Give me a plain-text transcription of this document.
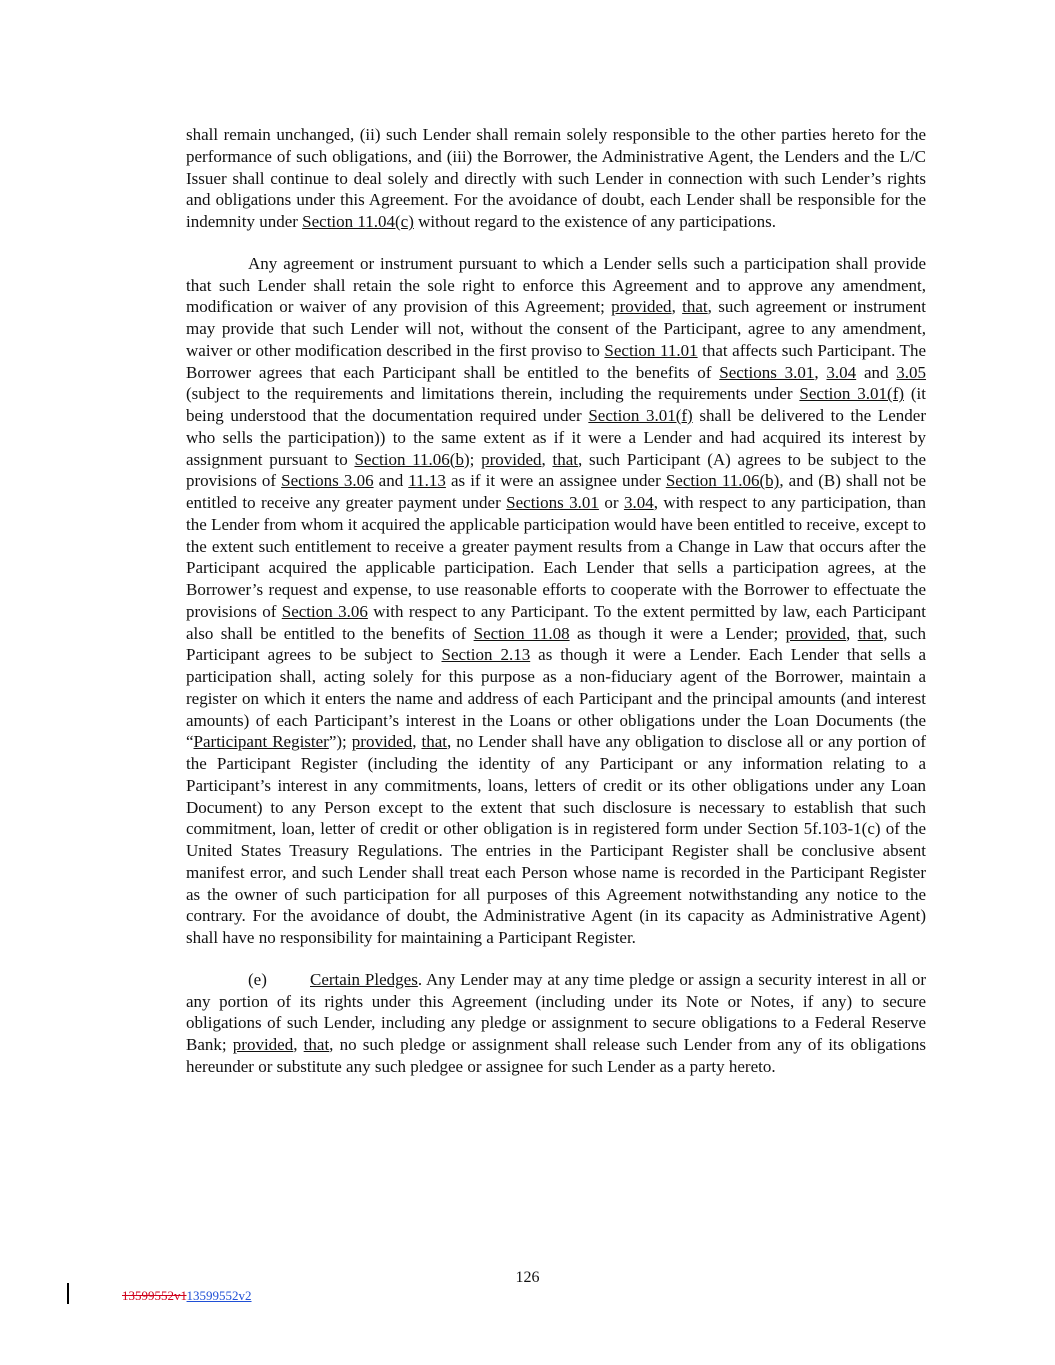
shall remain unchanged, (ii) such Lender shall remain solely responsible to the other parties hereto for the performance of such obligations, and (iii) the Borrower, the Administrative Agent, the Lenders and the L/C Issuer shall continue to deal solely and directly with such Lender in connection with such Lender’s rights and obligations under this Agreement. For the avoidance of doubt, each Lender shall be responsible for the indemnity under Section 11.04(c) without regard to the existence of any participations.

Any agreement or instrument pursuant to which a Lender sells such a participation shall provide that such Lender shall retain the sole right to enforce this Agreement and to approve any amendment, modification or waiver of any provision of this Agreement; provided, that, such agreement or instrument may provide that such Lender will not, without the consent of the Participant, agree to any amendment, waiver or other modification described in the first proviso to Section 11.01 that affects such Participant. The Borrower agrees that each Participant shall be entitled to the benefits of Sections 3.01, 3.04 and 3.05 (subject to the requirements and limitations therein, including the requirements under Section 3.01(f) (it being understood that the documentation required under Section 3.01(f) shall be delivered to the Lender who sells the participation)) to the same extent as if it were a Lender and had acquired its interest by assignment pursuant to Section 11.06(b); provided, that, such Participant (A) agrees to be subject to the provisions of Sections 3.06 and 11.13 as if it were an assignee under Section 11.06(b), and (B) shall not be entitled to receive any greater payment under Sections 3.01 or 3.04, with respect to any participation, than the Lender from whom it acquired the applicable participation would have been entitled to receive, except to the extent such entitlement to receive a greater payment results from a Change in Law that occurs after the Participant acquired the applicable participation. Each Lender that sells a participation agrees, at the Borrower’s request and expense, to use reasonable efforts to cooperate with the Borrower to effectuate the provisions of Section 3.06 with respect to any Participant. To the extent permitted by law, each Participant also shall be entitled to the benefits of Section 11.08 as though it were a Lender; provided, that, such Participant agrees to be subject to Section 2.13 as though it were a Lender. Each Lender that sells a participation shall, acting solely for this purpose as a non-fiduciary agent of the Borrower, maintain a register on which it enters the name and address of each Participant and the principal amounts (and interest amounts) of each Participant’s interest in the Loans or other obligations under the Loan Documents (the “Participant Register”); provided, that, no Lender shall have any obligation to disclose all or any portion of the Participant Register (including the identity of any Participant or any information relating to a Participant’s interest in any commitments, loans, letters of credit or its other obligations under any Loan Document) to any Person except to the extent that such disclosure is necessary to establish that such commitment, loan, letter of credit or other obligation is in registered form under Section 5f.103-1(c) of the United States Treasury Regulations. The entries in the Participant Register shall be conclusive absent manifest error, and such Lender shall treat each Person whose name is recorded in the Participant Register as the owner of such participation for all purposes of this Agreement notwithstanding any notice to the contrary. For the avoidance of doubt, the Administrative Agent (in its capacity as Administrative Agent) shall have no responsibility for maintaining a Participant Register.

(e)	Certain Pledges. Any Lender may at any time pledge or assign a security interest in all or any portion of its rights under this Agreement (including under its Note or Notes, if any) to secure obligations of such Lender, including any pledge or assignment to secure obligations to a Federal Reserve Bank; provided, that, no such pledge or assignment shall release such Lender from any of its obligations hereunder or substitute any such pledgee or assignee for such Lender as a party hereto.

126
13599552v113599552v2
